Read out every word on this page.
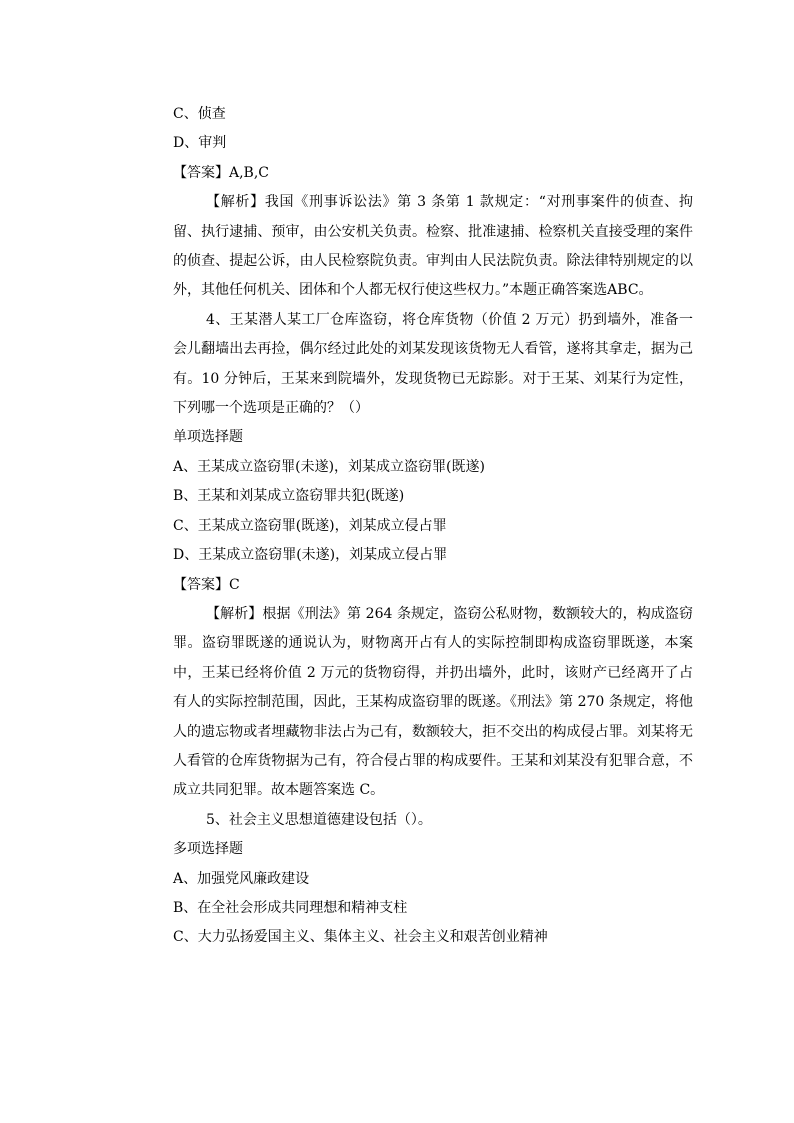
C、侦查
D、审判
【答案】A,B,C

【解析】我国《刑事诉讼法》第 3 条第 1 款规定：“对刑事案件的侦查、拘留、执行逮捕、预审，由公安机关负责。检察、批准逮捕、检察机关直接受理的案件的侦查、提起公诉，由人民检察院负责。审判由人民法院负责。除法律特别规定的以外，其他任何机关、团体和个人都无权行使这些权力。”本题正确答案选ABC。

4、王某潜人某工厂仓库盗窃，将仓库货物（价值 2 万元）扔到墙外，准备一会儿翻墙出去再捡，偶尔经过此处的刘某发现该货物无人看管，遂将其拿走，据为己有。10 分钟后，王某来到院墙外，发现货物已无踪影。对于王某、刘某行为定性，下列哪一个选项是正确的？（）

单项选择题
A、王某成立盗窃罪(未遂)，刘某成立盗窃罪(既遂)
B、王某和刘某成立盗窃罪共犯(既遂)
C、王某成立盗窃罪(既遂)，刘某成立侵占罪
D、王某成立盗窃罪(未遂)，刘某成立侵占罪
【答案】C

【解析】根据《刑法》第 264 条规定，盗窃公私财物，数额较大的，构成盗窃罪。盗窃罪既遂的通说认为，财物离开占有人的实际控制即构成盗窃罪既遂，本案中，王某已经将价值 2 万元的货物窃得，并扔出墙外，此时，该财产已经离开了占有人的实际控制范围，因此，王某构成盗窃罪的既遂。《刑法》第 270 条规定，将他人的遗忘物或者埋藏物非法占为己有，数额较大，拒不交出的构成侵占罪。刘某将无人看管的仓库货物据为己有，符合侵占罪的构成要件。王某和刘某没有犯罪合意，不成立共同犯罪。故本题答案选 C。

5、社会主义思想道德建设包括（）。
多项选择题
A、加强党风廉政建设
B、在全社会形成共同理想和精神支柱
C、大力弘扬爱国主义、集体主义、社会主义和艰苦创业精神
